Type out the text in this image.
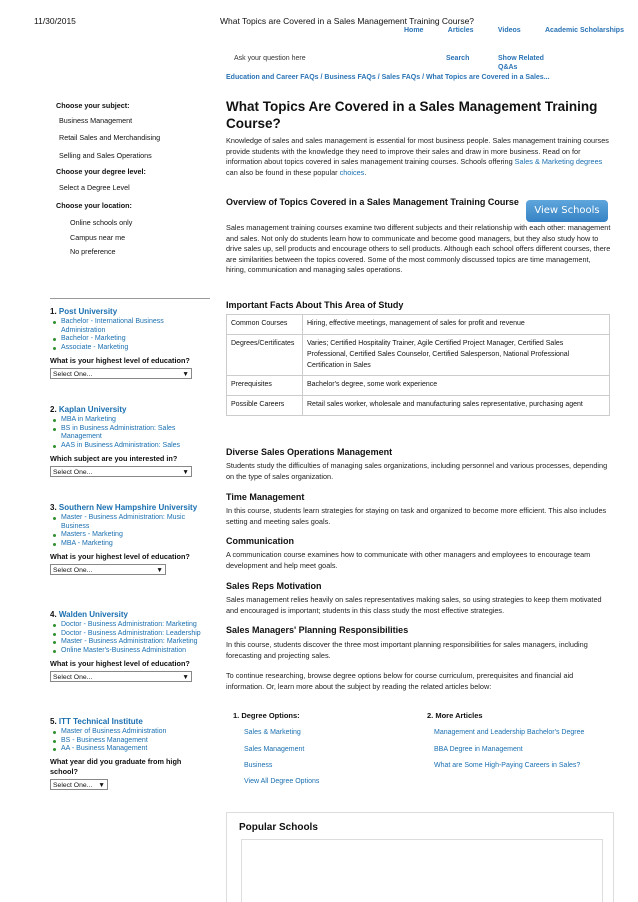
11/30/2015	What Topics are Covered in a Sales Management Training Course?
Home	Articles	Videos	Academic Scholarships
Ask your question here	Search	Show Related Q&As
Education and Career FAQs / Business FAQs / Sales FAQs / What Topics are Covered in a Sales...
Choose your subject:
Business Management
Retail Sales and Merchandising
Selling and Sales Operations
Choose your degree level:
Select a Degree Level
Choose your location:
Online schools only
Campus near me
No preference
1. Post University
Bachelor - International Business Administration
Bachelor - Marketing
Associate - Marketing
What is your highest level of education?
Select One...	▼
2. Kaplan University
MBA in Marketing
BS in Business Administration: Sales Management
AAS in Business Administration: Sales
Which subject are you interested in?
Select One...	▼
3. Southern New Hampshire University
Master - Business Administration: Music Business
Masters - Marketing
MBA - Marketing
What is your highest level of education?
Select One...	▼
4. Walden University
Doctor - Business Administration: Marketing
Doctor - Business Administration: Leadership
Master - Business Administration: Marketing
Online Master's-Business Administration
What is your highest level of education?
Select One...	▼
5. ITT Technical Institute
Master of Business Administration
BS - Business Management
AA - Business Management
What year did you graduate from high school?
Select One... ▼
What Topics Are Covered in a Sales Management Training Course?
Knowledge of sales and sales management is essential for most business people. Sales management training courses provide students with the knowledge they need to improve their sales and draw in more business. Read on for information about topics covered in sales management training courses. Schools offering Sales & Marketing degrees can also be found in these popular choices.
Overview of Topics Covered in a Sales Management Training Course
View Schools
Sales management training courses examine two different subjects and their relationship with each other: management and sales. Not only do students learn how to communicate and become good managers, but they also study how to drive sales up, sell products and encourage others to sell products. Although each school offers different courses, there are similarities between the topics covered. Some of the most commonly discussed topics are time management, hiring, communication and managing sales operations.
Important Facts About This Area of Study
Common Courses	Hiring, effective meetings, management of sales for profit and revenue
Degrees/Certificates	Varies; Certified Hospitality Trainer, Agile Certified Project Manager, Certified Sales Professional, Certified Sales Counselor, Certified Salesperson, National Professional Certification in Sales
Prerequisites	Bachelor's degree, some work experience
Possible Careers	Retail sales worker, wholesale and manufacturing sales representative, purchasing agent
Diverse Sales Operations Management
Students study the difficulties of managing sales organizations, including personnel and various processes, depending on the type of sales organization.
Time Management
In this course, students learn strategies for staying on task and organized to become more efficient. This also includes setting and meeting sales goals.
Communication
A communication course examines how to communicate with other managers and employees to encourage team development and help meet goals.
Sales Reps Motivation
Sales management relies heavily on sales representatives making sales, so using strategies to keep them motivated and encouraged is important; students in this class study the most effective strategies.
Sales Managers' Planning Responsibilities
In this course, students discover the three most important planning responsibilities for sales managers, including forecasting and projecting sales.
To continue researching, browse degree options below for course curriculum, prerequisites and financial aid information. Or, learn more about the subject by reading the related articles below:
1. Degree Options:
Sales & Marketing
Sales Management
Business
View All Degree Options
2. More Articles
Management and Leadership Bachelor's Degree
BBA Degree in Management
What are Some High-Paying Careers in Sales?
Popular Schools
